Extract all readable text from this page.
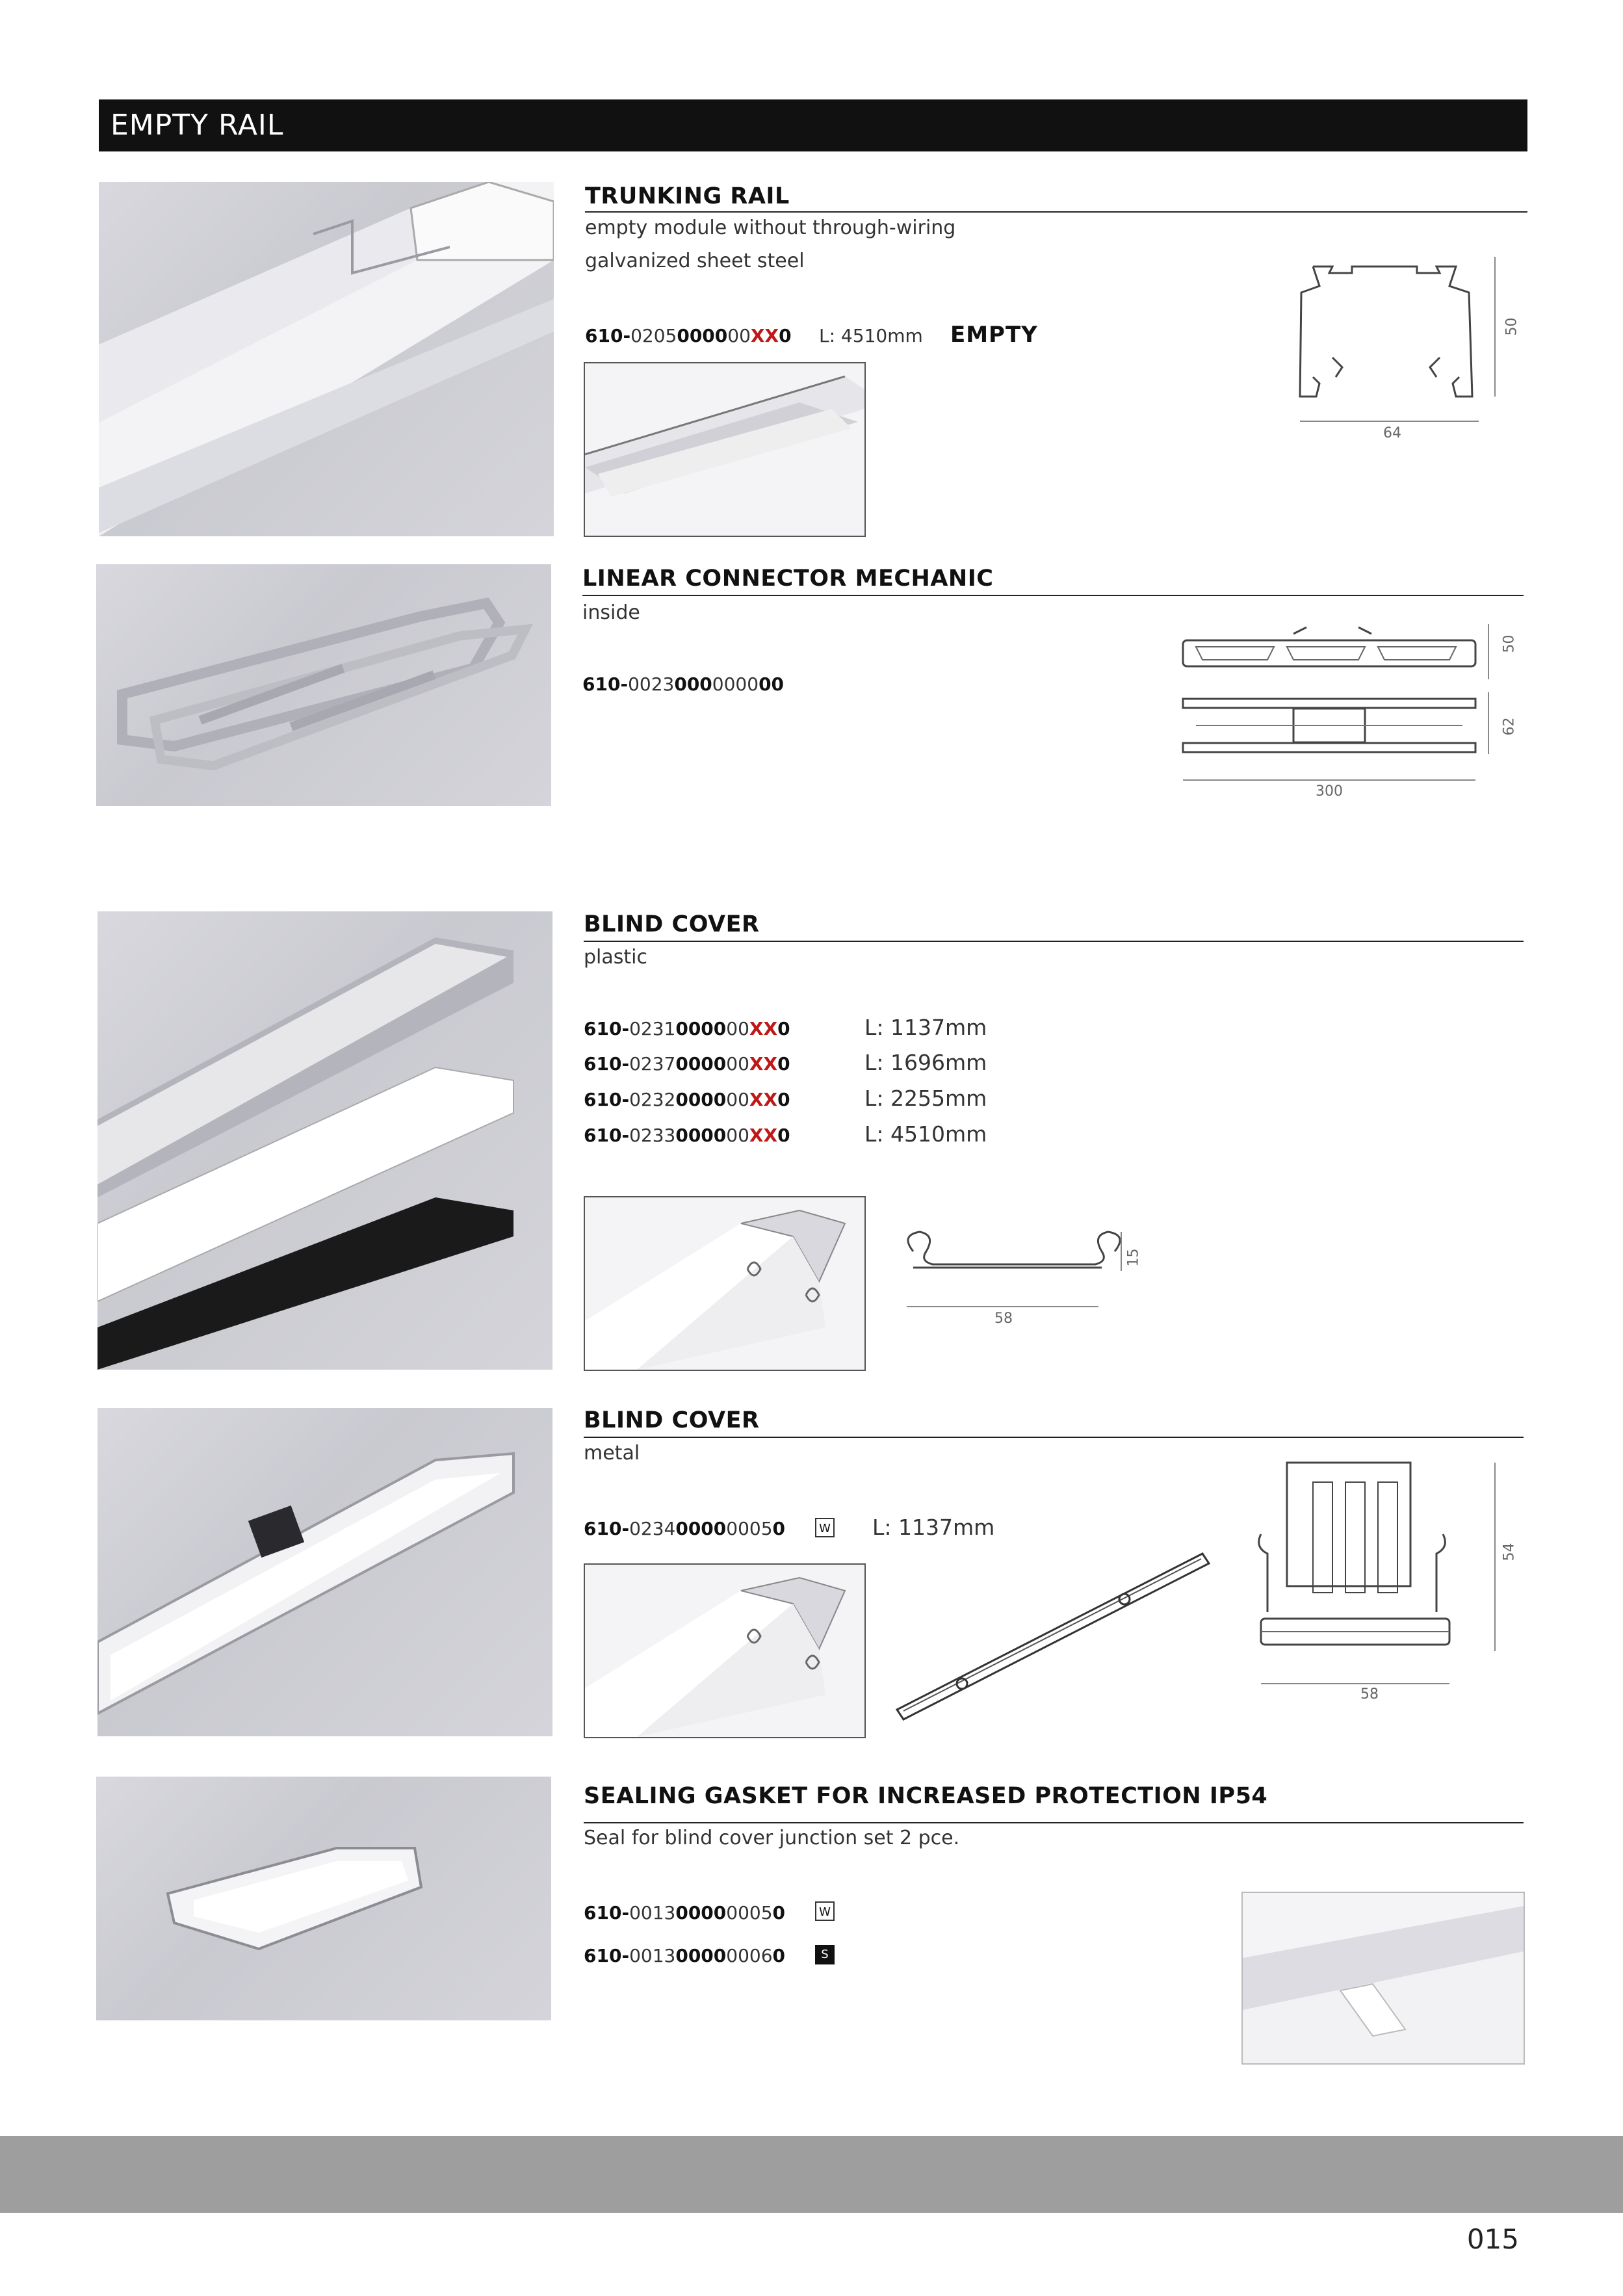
EMPTY RAIL
TRUNKING RAIL
empty module without through-wiring
galvanized sheet steel
610-0205000000XX0 L: 4510mm EMPTY
64
50
LINEAR CONNECTOR MECHANIC
inside
610-0023000000000
300
50
62
BLIND COVER
plastic
610-0231000000XX0	L: 1137mm
610-0237000000XX0	L: 1696mm
610-0232000000XX0	L: 2255mm
610-0233000000XX0	L: 4510mm
58
15
BLIND COVER
metal
610-0234000000050	W L: 1137mm
58
54
SEALING GASKET FOR INCREASED PROTECTION IP54
Seal for blind cover junction set 2 pce.
610-0013000000050	W
610-0013000000060	S
015
